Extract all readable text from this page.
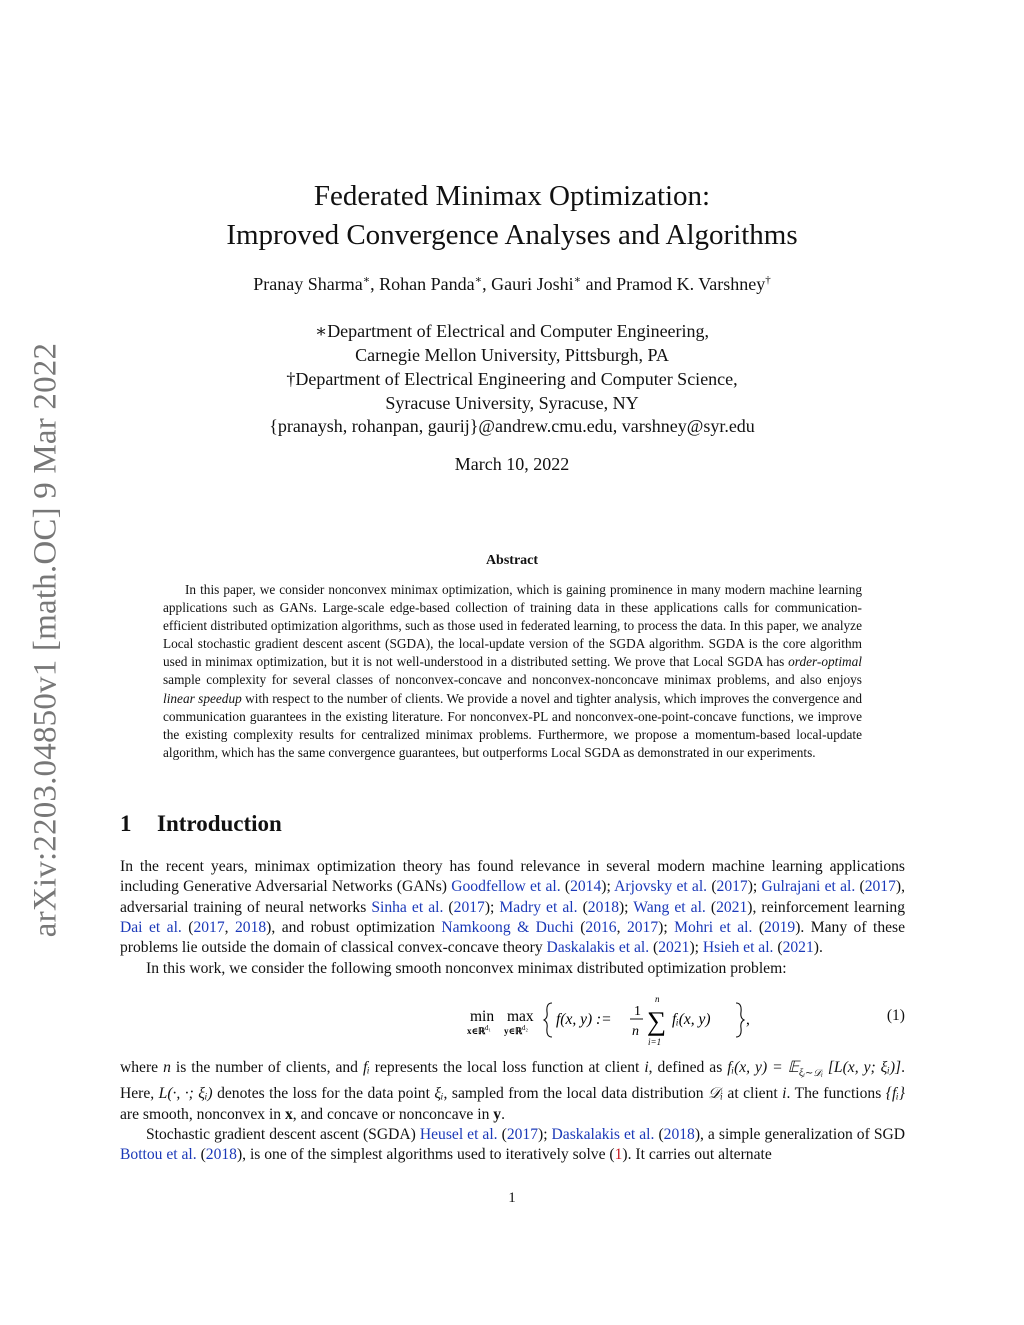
arXiv:2203.04850v1 [math.OC] 9 Mar 2022
Federated Minimax Optimization:
Improved Convergence Analyses and Algorithms
Pranay Sharma∗, Rohan Panda∗, Gauri Joshi∗ and Pramod K. Varshney†
∗Department of Electrical and Computer Engineering,
Carnegie Mellon University, Pittsburgh, PA
†Department of Electrical Engineering and Computer Science,
Syracuse University, Syracuse, NY
{pranaysh, rohanpan, gaurij}@andrew.cmu.edu, varshney@syr.edu
March 10, 2022
Abstract

In this paper, we consider nonconvex minimax optimization, which is gaining prominence in many modern machine learning applications such as GANs. Large-scale edge-based collection of training data in these applications calls for communication-efficient distributed optimization algorithms, such as those used in federated learning, to process the data. In this paper, we analyze Local stochastic gradient descent ascent (SGDA), the local-update version of the SGDA algorithm. SGDA is the core algorithm used in minimax optimization, but it is not well-understood in a distributed setting. We prove that Local SGDA has order-optimal sample complexity for several classes of nonconvex-concave and nonconvex-nonconcave minimax problems, and also enjoys linear speedup with respect to the number of clients. We provide a novel and tighter analysis, which improves the convergence and communication guarantees in the existing literature. For nonconvex-PL and nonconvex-one-point-concave functions, we improve the existing complexity results for centralized minimax problems. Furthermore, we propose a momentum-based local-update algorithm, which has the same convergence guarantees, but outperforms Local SGDA as demonstrated in our experiments.

1 Introduction

In the recent years, minimax optimization theory has found relevance in several modern machine learning applications including Generative Adversarial Networks (GANs) Goodfellow et al. (2014); Arjovsky et al. (2017); Gulrajani et al. (2017), adversarial training of neural networks Sinha et al. (2017); Madry et al. (2018); Wang et al. (2021), reinforcement learning Dai et al. (2017, 2018), and robust optimization Namkoong & Duchi (2016, 2017); Mohri et al. (2019). Many of these problems lie outside the domain of classical convex-concave theory Daskalakis et al. (2021); Hsieh et al. (2021).

In this work, we consider the following smooth nonconvex minimax distributed optimization problem:

min
x∈ℝ d₁
max
y∈ℝ d₂ f(x, y) := 1
n
n
∑
i=1
fᵢ(x, y) ,	(1)

where n is the number of clients, and fᵢ represents the local loss function at client i, defined as fᵢ(x, y) = 𝔼$_{\xi ᵢ\sim 𝒟ᵢ}$ [L(x, y; ξᵢ)]. Here, L(·, ·; ξᵢ) denotes the loss for the data point ξᵢ, sampled from the local data distribution 𝒟ᵢ at client i. The functions {fᵢ} are smooth, nonconvex in x, and concave or nonconcave in y.

Stochastic gradient descent ascent (SGDA) Heusel et al. (2017); Daskalakis et al. (2018), a simple generalization of SGD Bottou et al. (2018), is one of the simplest algorithms used to iteratively solve (1). It carries out alternate

1
